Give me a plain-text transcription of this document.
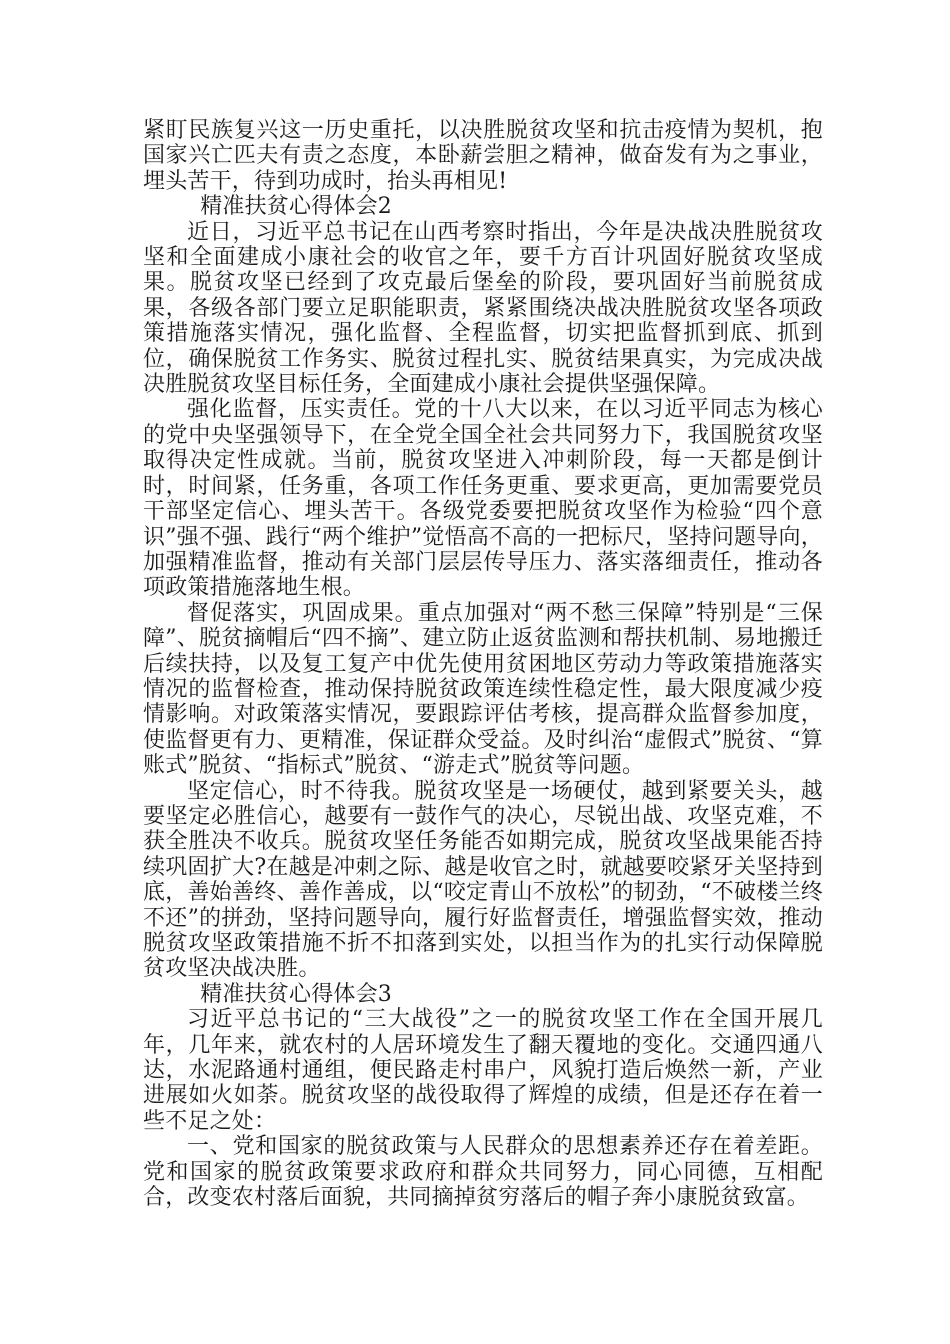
紧盯民族复兴这一历史重托，以决胜脱贫攻坚和抗击疫情为契机，抱国家兴亡匹夫有责之态度，本卧薪尝胆之精神，做奋发有为之事业，埋头苦干，待到功成时，抬头再相见!

精准扶贫心得体会2

近日，习近平总书记在山西考察时指出，今年是决战决胜脱贫攻坚和全面建成小康社会的收官之年，要千方百计巩固好脱贫攻坚成果。脱贫攻坚已经到了攻克最后堡垒的阶段，要巩固好当前脱贫成果，各级各部门要立足职能职责，紧紧围绕决战决胜脱贫攻坚各项政策措施落实情况，强化监督、全程监督，切实把监督抓到底、抓到位，确保脱贫工作务实、脱贫过程扎实、脱贫结果真实，为完成决战决胜脱贫攻坚目标任务，全面建成小康社会提供坚强保障。

强化监督，压实责任。党的十八大以来，在以习近平同志为核心的党中央坚强领导下，在全党全国全社会共同努力下，我国脱贫攻坚取得决定性成就。当前，脱贫攻坚进入冲刺阶段，每一天都是倒计时，时间紧，任务重，各项工作任务更重、要求更高，更加需要党员干部坚定信心、埋头苦干。各级党委要把脱贫攻坚作为检验“四个意识”强不强、践行“两个维护”觉悟高不高的一把标尺，坚持问题导向，加强精准监督，推动有关部门层层传导压力、落实落细责任，推动各项政策措施落地生根。

督促落实，巩固成果。重点加强对“两不愁三保障”特别是“三保障”、脱贫摘帽后“四不摘”、建立防止返贫监测和帮扶机制、易地搬迁后续扶持，以及复工复产中优先使用贫困地区劳动力等政策措施落实情况的监督检查，推动保持脱贫政策连续性稳定性，最大限度减少疫情影响。对政策落实情况，要跟踪评估考核，提高群众监督参加度，使监督更有力、更精准，保证群众受益。及时纠治“虚假式”脱贫、“算账式”脱贫、“指标式”脱贫、“游走式”脱贫等问题。

坚定信心，时不待我。脱贫攻坚是一场硬仗，越到紧要关头，越要坚定必胜信心，越要有一鼓作气的决心，尽锐出战、攻坚克难，不获全胜决不收兵。脱贫攻坚任务能否如期完成，脱贫攻坚战果能否持续巩固扩大?在越是冲刺之际、越是收官之时，就越要咬紧牙关坚持到底，善始善终、善作善成，以“咬定青山不放松”的韧劲，“不破楼兰终不还”的拼劲，坚持问题导向，履行好监督责任，增强监督实效，推动脱贫攻坚政策措施不折不扣落到实处，以担当作为的扎实行动保障脱贫攻坚决战决胜。

精准扶贫心得体会3

习近平总书记的“三大战役”之一的脱贫攻坚工作在全国开展几年，几年来，就农村的人居环境发生了翻天覆地的变化。交通四通八达，水泥路通村通组，便民路走村串户，风貌打造后焕然一新，产业进展如火如荼。脱贫攻坚的战役取得了辉煌的成绩，但是还存在着一些不足之处：

一、党和国家的脱贫政策与人民群众的思想素养还存在着差距。党和国家的脱贫政策要求政府和群众共同努力，同心同德，互相配合，改变农村落后面貌，共同摘掉贫穷落后的帽子奔小康脱贫致富。
